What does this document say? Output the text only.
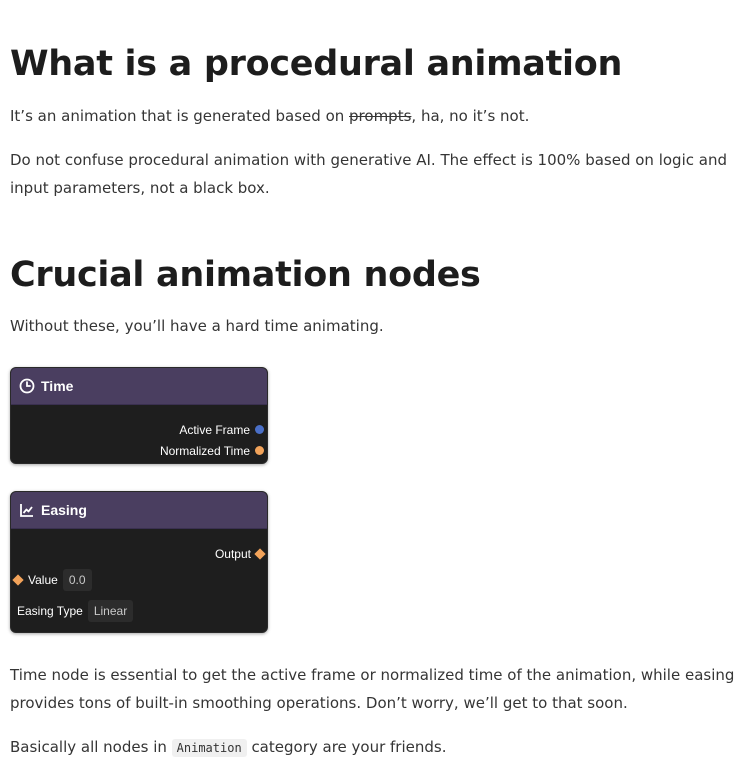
What is a procedural animation

It’s an animation that is generated based on prompts, ha, no it’s not.

Do not confuse procedural animation with generative AI. The effect is 100% based on logic and input parameters, not a black box.

Crucial animation nodes

Without these, you’ll have a hard time animating.

Time
Active Frame
Normalized Time
Easing
Output
Value 0.0
Easing Type Linear

Time node is essential to get the active frame or normalized time of the animation, while easing provides tons of built-in smoothing operations. Don’t worry, we’ll get to that soon.

Basically all nodes in Animation category are your friends.
